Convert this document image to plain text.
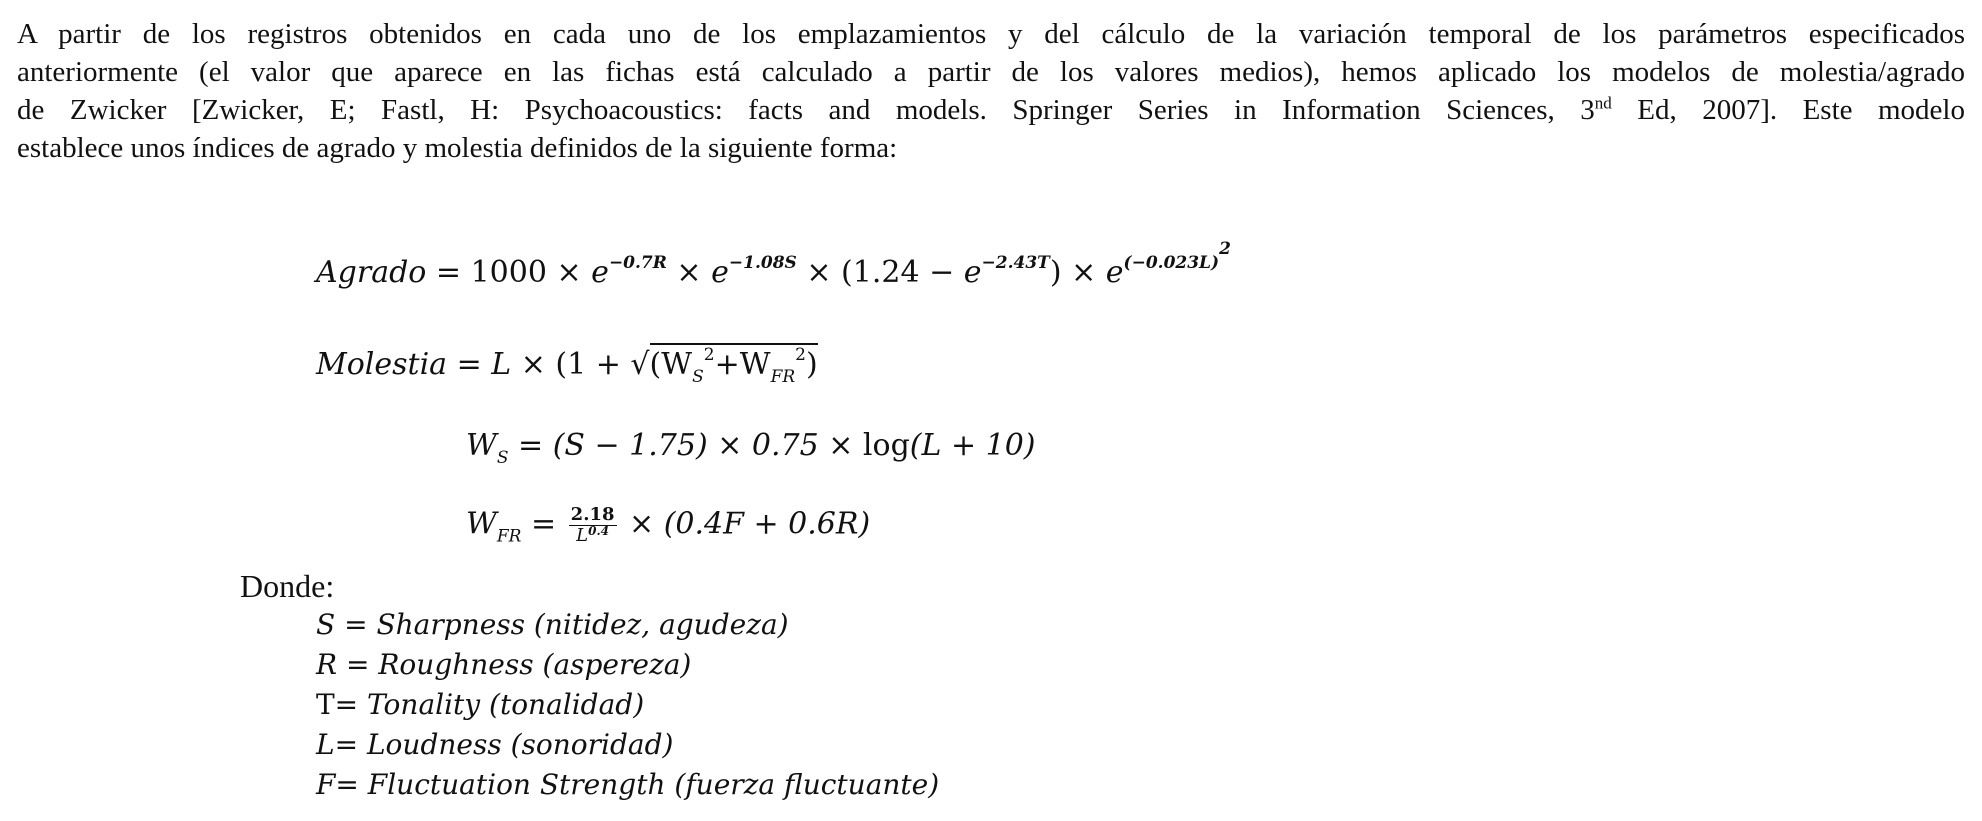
A partir de los registros obtenidos en cada uno de los emplazamientos y del cálculo de la variación temporal de los parámetros especificados
anteriormente (el valor que aparece en las fichas está calculado a partir de los valores medios), hemos aplicado los modelos de molestia/agrado
de Zwicker [Zwicker, E; Fastl, H: Psychoacoustics: facts and models. Springer Series in Information Sciences, 3nd Ed, 2007]. Este modelo
establece unos índices de agrado y molestia definidos de la siguiente forma:
Agrado = $1000 \times e^{-0.7R} \times e^{-1.08S} \times (1.24 - e^{-2.43T}) \times e^{(-0.023L)2}$
Molestia = $L \times (1 + √(W_S^2+W_{FR}^2)$
$W_S = (S - 1.75) \times 0.75 \times \log(L + 10)$
$W_{FR} = \frac{2.18}{L^{0.4}} \times (0.4F + 0.6R)$
Donde:
S = Sharpness (nitidez, agudeza)
R = Roughness (aspereza)
T= Tonality (tonalidad)
L= Loudness (sonoridad)
F= Fluctuation Strength (fuerza fluctuante)
